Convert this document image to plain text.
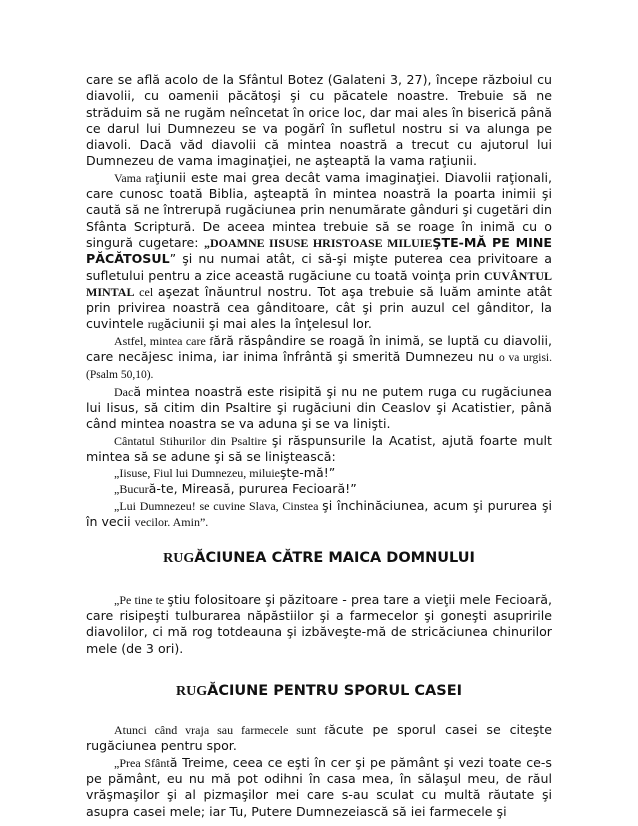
care se află acolo de la Sfântul Botez (Galateni 3, 27), începe războiul cu diavolii, cu oamenii păcătoşi şi cu păcatele noastre. Trebuie să ne străduim să ne rugăm neîncetat în orice loc, dar mai ales în biserică până ce darul lui Dumnezeu se va pogărî în sufletul nostru si va alunga pe diavoli. Dacă văd diavolii că mintea noastră a trecut cu ajutorul lui Dumnezeu de vama imaginaţiei, ne aşteaptă la vama raţiunii.

Vama raţiunii este mai grea decât vama imaginaţiei. Diavolii raţionali, care cunosc toată Biblia, aşteaptă în mintea noastră la poarta inimii şi caută să ne întrerupă rugăciunea prin nenumărate gânduri şi cugetări din Sfânta Scriptură. De aceea mintea trebuie să se roage în inimă cu o singură cugetare: „DOAMNE IISUSE HRISTOASE MILUIEŞTE-MĂ PE MINE PĂCĂTOSUL” şi nu numai atât, ci să-şi mişte puterea cea privitoare a sufletului pentru a zice această rugăciune cu toată voinţa prin CUVÂNTUL MINTAL cel aşezat înăuntrul nostru. Tot aşa trebuie să luăm aminte atât prin privirea noastră cea gânditoare, cât şi prin auzul cel gânditor, la cuvintele rugăciunii şi mai ales la înţelesul lor.

Astfel, mintea care fără răspândire se roagă în inimă, se luptă cu diavolii, care necăjesc inima, iar inima înfrântă şi smerită Dumnezeu nu o va urgisi. (Psalm 50,10).

Dacă mintea noastră este risipită şi nu ne putem ruga cu rugăciunea lui Iisus, să citim din Psaltire şi rugăciuni din Ceaslov şi Acatistier, până când mintea noastra se va aduna şi se va linişti.

Cântatul Stihurilor din Psaltire şi răspunsurile la Acatist, ajută foarte mult mintea să se adune şi să se liniştească:

„Iisuse, Fiul lui Dumnezeu, miluieşte-mă!”

„Bucură-te, Mireasă, pururea Fecioară!”

„Lui Dumnezeu! se cuvine Slava, Cinstea şi închinăciunea, acum şi pururea şi în vecii vecilor. Amin”.

RUGĂCIUNEA CĂTRE MAICA DOMNULUI

„Pe tine te ştiu folositoare şi păzitoare - prea tare a vieţii mele Fecioară, care risipeşti tulburarea năpăstiilor şi a farmecelor şi goneşti asupririle diavolilor, ci mă rog totdeauna şi izbăveşte-mă de stricăciunea chinurilor mele (de 3 ori).

RUGĂCIUNE PENTRU SPORUL CASEI

Atunci când vraja sau farmecele sunt făcute pe sporul casei se citeşte rugăciunea pentru spor.

„Prea Sfântă Treime, ceea ce eşti în cer şi pe pământ şi vezi toate ce-s pe pământ, eu nu mă pot odihni în casa mea, în sălaşul meu, de răul vrăşmaşilor şi al pizmaşilor mei care s-au sculat cu multă răutate şi asupra casei mele; iar Tu, Putere Dumnezeiască să iei farmecele şi
